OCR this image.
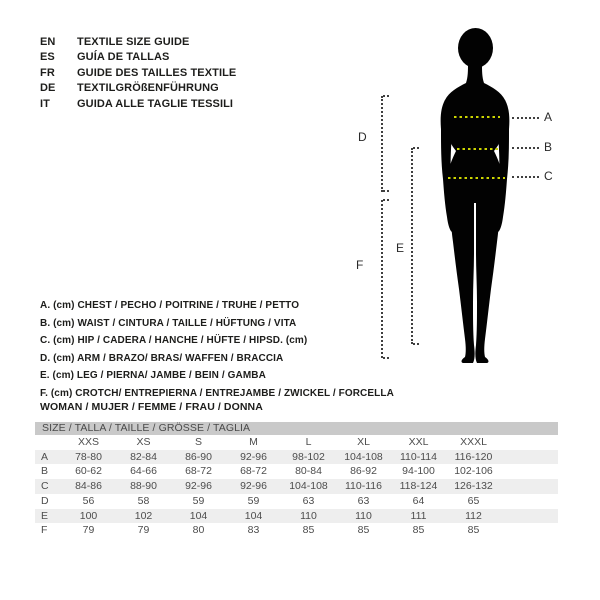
EN TEXTILE SIZE GUIDE
ES GUÍA DE TALLAS
FR GUIDE DES TAILLES TEXTILE
DE TEXTILGRÖßENFÜHRUNG
IT GUIDA ALLE TAGLIE TESSILI
A
B
C
D
E
F
A. (cm) CHEST / PECHO / POITRINE / TRUHE / PETTO
B. (cm) WAIST / CINTURA / TAILLE / HÜFTUNG / VITA
C. (cm) HIP / CADERA / HANCHE / HÜFTE / HIPSD. (cm)
D. (cm) ARM / BRAZO/ BRAS/ WAFFEN / BRACCIA
E. (cm) LEG / PIERNA/ JAMBE / BEIN / GAMBA
F. (cm) CROTCH/ ENTREPIERNA / ENTREJAMBE / ZWICKEL / FORCELLA
WOMAN / MUJER / FEMME / FRAU / DONNA
SIZE / TALLA / TAILLE / GRÖSSE / TAGLIA
	XXS	XS	S	M	L	XL	XXL	XXXL	
A	78-80	82-84	86-90	92-96	98-102	104-108	110-114	116-120	
B	60-62	64-66	68-72	68-72	80-84	86-92	94-100	102-106	
C	84-86	88-90	92-96	92-96	104-108	110-116	118-124	126-132	
D	56	58	59	59	63	63	64	65	
E	100	102	104	104	110	110	111	112	
F	79	79	80	83	85	85	85	85	
